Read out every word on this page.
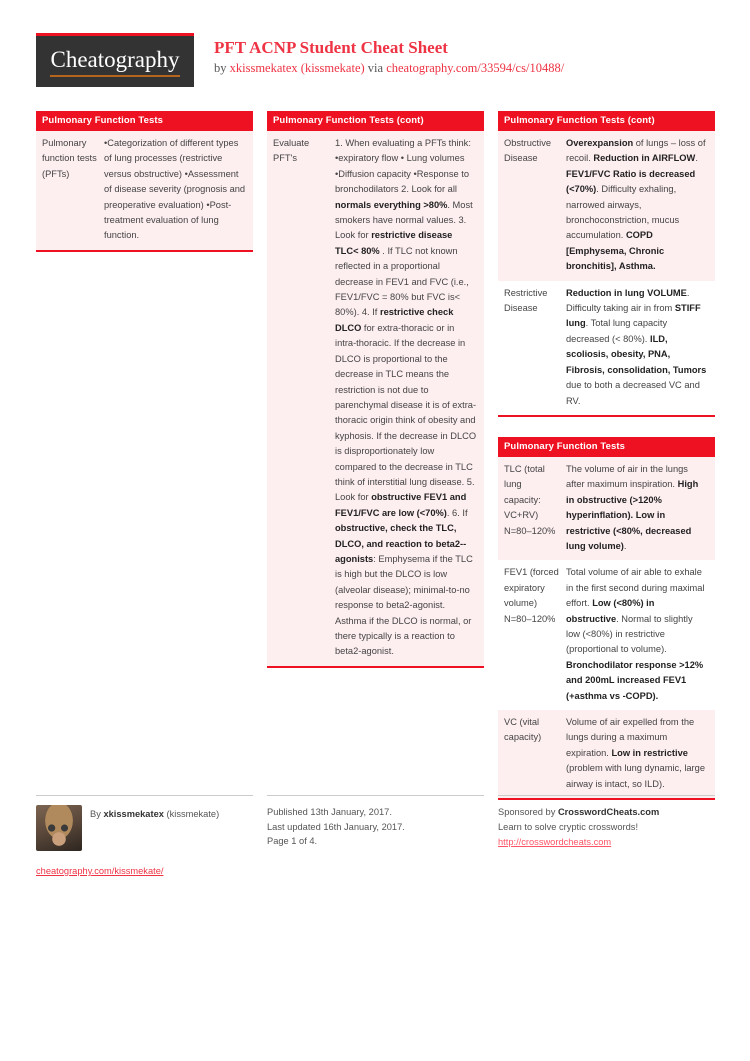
Cheatography PFT ACNP Student Cheat Sheet
by xkissmekatex (kissmekate) via cheatography.com/33594/cs/10488/
Pulmonary Function Tests
Pulmonary function tests (PFTs)
•Categorization of different types of lung processes (restrictive versus obstructive) •Assessment of disease severity (prognosis and preoperative evaluation) •Post-treatment evaluation of lung function.
Pulmonary Function Tests (cont)
Evaluate PFT's
1. When evaluating a PFTs think: •expiratory flow • Lung volumes •Diffusion capacity •Response to bronchodilators 2. Look for all normals everything >80%. Most smokers have normal values. 3. Look for restrictive disease TLC< 80% . If TLC not known reflected in a proportional decrease in FEV1 and FVC (i.e., FEV1/FVC = 80% but FVC is< 80%). 4. If restrictive check DLCO for extra-thoracic or in intra-thoracic. If the decrease in DLCO is proportional to the decrease in TLC means the restriction is not due to parenchymal disease it is of extra-thoracic origin think of obesity and kyphosis. If the decrease in DLCO is disproportionately low compared to the decrease in TLC think of interstitial lung disease. 5. Look for obstructive FEV1 and FEV1/FVC are low (<70%). 6. If obstructive, check the TLC, DLCO, and reaction to beta2--agonists: Emphysema if the TLC is high but the DLCO is low (alveolar disease); minimal-to-no response to beta2-agonist. Asthma if the DLCO is normal, or there typically is a reaction to beta2-agonist.
Pulmonary Function Tests (cont)
Obstructive Disease
Overexpansion of lungs – loss of recoil. Reduction in AIRFLOW. FEV1/FVC Ratio is decreased (<70%). Difficulty exhaling, narrowed airways, bronchoconstriction, mucus accumulation. COPD [Emphysema, Chronic bronchitis], Asthma.
Restrictive Disease
Reduction in lung VOLUME. Difficulty taking air in from STIFF lung. Total lung capacity decreased (< 80%). ILD, scoliosis, obesity, PNA, Fibrosis, consolidation, Tumors due to both a decreased VC and RV.
Pulmonary Function Tests
TLC (total lung capacity: VC+RV) N=80–120%
The volume of air in the lungs after maximum inspiration. High in obstructive (>120% hyperinflation). Low in restrictive (<80%, decreased lung volume).
FEV1 (forced expiratory volume) N=80–120%
Total volume of air able to exhale in the first second during maximal effort. Low (<80%) in obstructive. Normal to slightly low (<80%) in restrictive (proportional to volume). Bronchodilator response >12% and 200mL increased FEV1 (+asthma vs -COPD).
VC (vital capacity)
Volume of air expelled from the lungs during a maximum expiration. Low in restrictive (problem with lung dynamic, large airway is intact, so ILD).
By xkissmekatex (kissmekate)
cheatography.com/kissmekate/
Published 13th January, 2017.
Last updated 16th January, 2017.
Page 1 of 4.
Sponsored by CrosswordCheats.com
Learn to solve cryptic crosswords!
http://crosswordcheats.com
